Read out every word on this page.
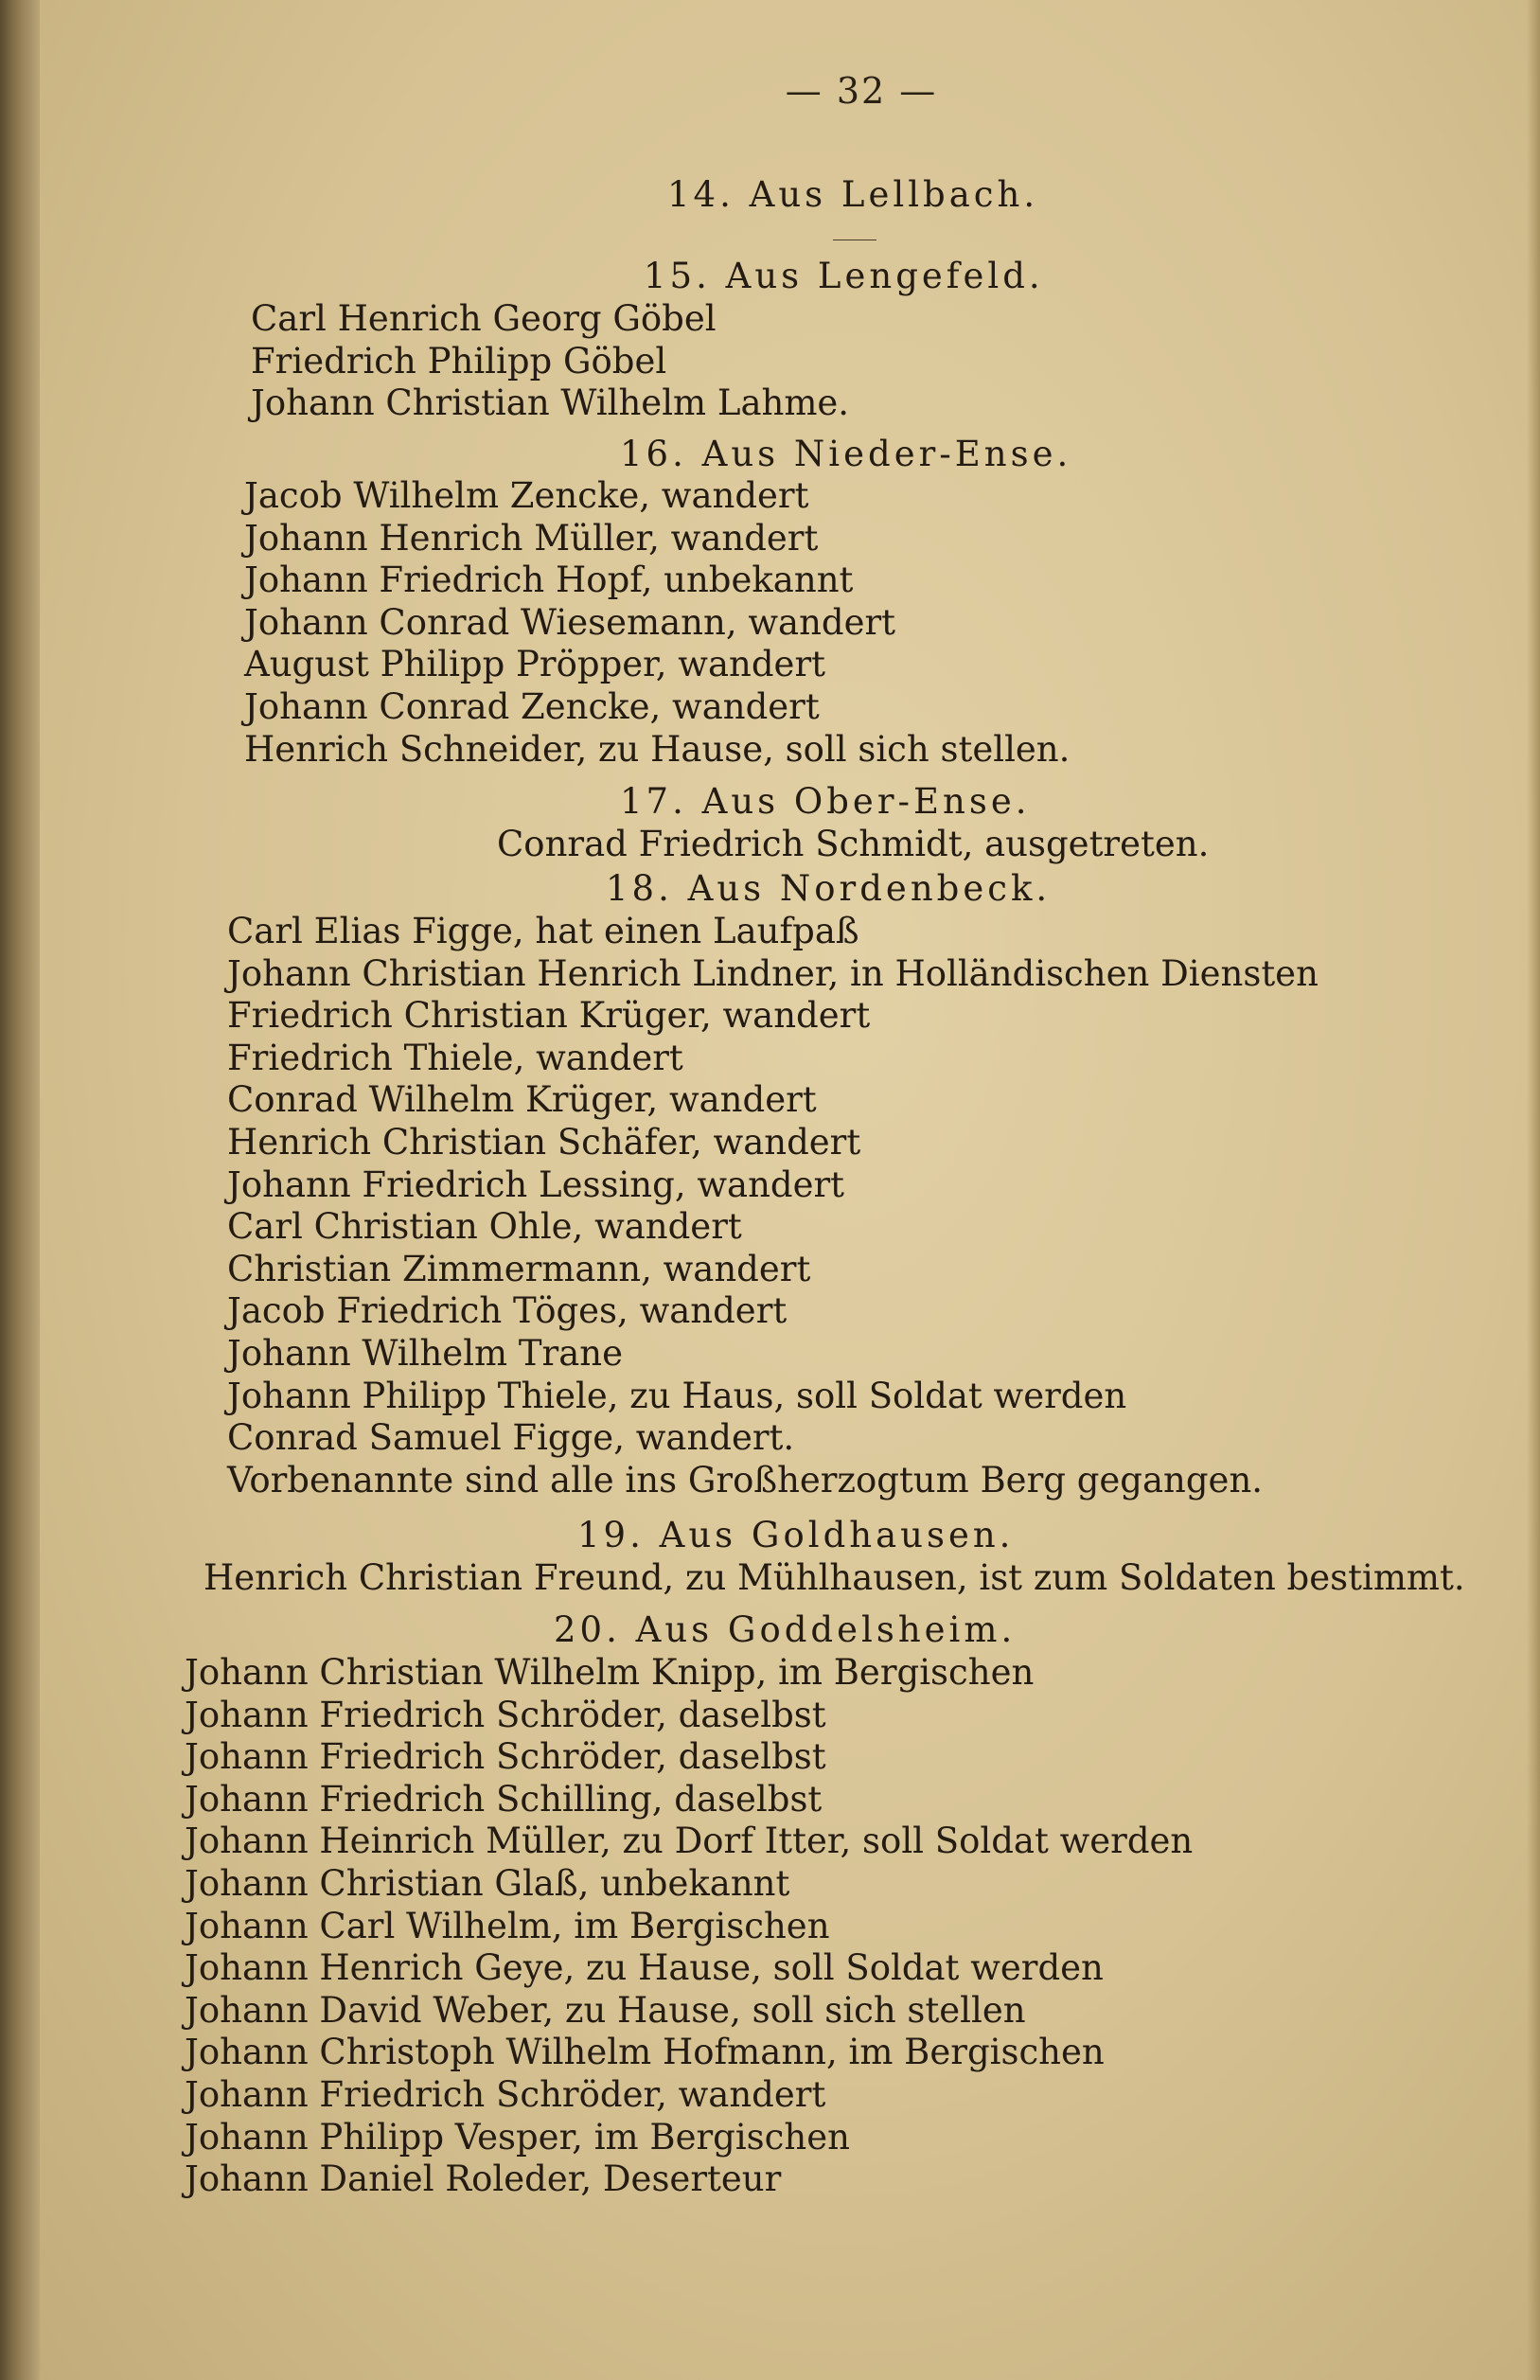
— 32 —
14. Aus Lellbach.
15. Aus Lengefeld.
Carl Henrich Georg Göbel
Friedrich Philipp Göbel
Johann Christian Wilhelm Lahme.
16. Aus Nieder-Ense.
Jacob Wilhelm Zencke, wandert
Johann Henrich Müller, wandert
Johann Friedrich Hopf, unbekannt
Johann Conrad Wiesemann, wandert
August Philipp Pröpper, wandert
Johann Conrad Zencke, wandert
Henrich Schneider, zu Hause, soll sich stellen.
17. Aus Ober-Ense.
Conrad Friedrich Schmidt, ausgetreten.
18. Aus Nordenbeck.
Carl Elias Figge, hat einen Laufpaß
Johann Christian Henrich Lindner, in Holländischen Diensten
Friedrich Christian Krüger, wandert
Friedrich Thiele, wandert
Conrad Wilhelm Krüger, wandert
Henrich Christian Schäfer, wandert
Johann Friedrich Lessing, wandert
Carl Christian Ohle, wandert
Christian Zimmermann, wandert
Jacob Friedrich Töges, wandert
Johann Wilhelm Trane
Johann Philipp Thiele, zu Haus, soll Soldat werden
Conrad Samuel Figge, wandert.
Vorbenannte sind alle ins Großherzogtum Berg gegangen.
19. Aus Goldhausen.
Henrich Christian Freund, zu Mühlhausen, ist zum Soldaten bestimmt.
20. Aus Goddelsheim.
Johann Christian Wilhelm Knipp, im Bergischen
Johann Friedrich Schröder, daselbst
Johann Friedrich Schröder, daselbst
Johann Friedrich Schilling, daselbst
Johann Heinrich Müller, zu Dorf Itter, soll Soldat werden
Johann Christian Glaß, unbekannt
Johann Carl Wilhelm, im Bergischen
Johann Henrich Geye, zu Hause, soll Soldat werden
Johann David Weber, zu Hause, soll sich stellen
Johann Christoph Wilhelm Hofmann, im Bergischen
Johann Friedrich Schröder, wandert
Johann Philipp Vesper, im Bergischen
Johann Daniel Roleder, Deserteur
